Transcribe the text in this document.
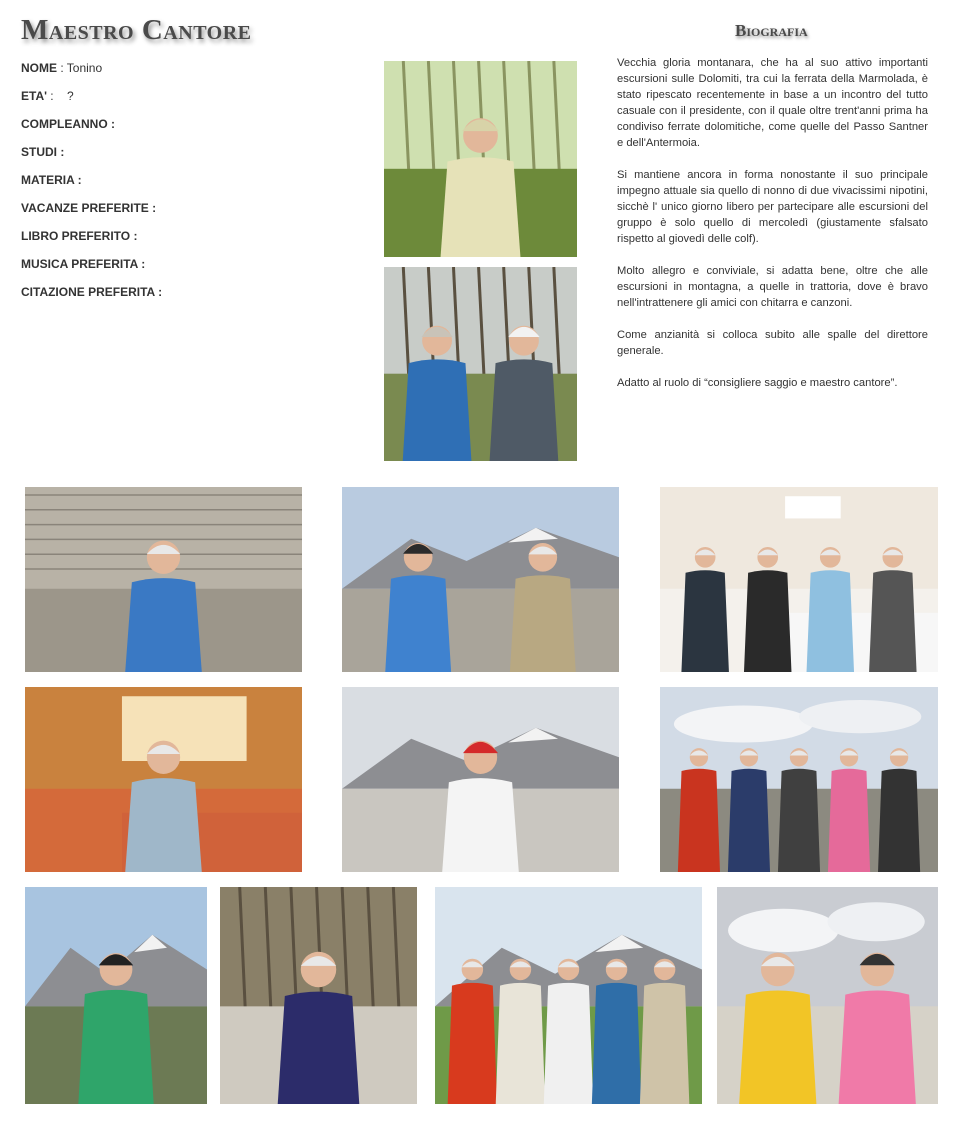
Maestro Cantore	Biografia
NOME : Tonino
ETA' :    ?
COMPLEANNO :
STUDI :
MATERIA :
VACANZE PREFERITE :
LIBRO PREFERITO :
MUSICA PREFERITA :
CITAZIONE PREFERITA :

Vecchia gloria montanara, che ha al suo attivo importanti escursioni sulle Dolomiti, tra cui la ferrata della Marmolada, è stato ripescato recentemente in base a un incontro del tutto casuale con il presidente, con il quale oltre trent'anni prima ha condiviso ferrate dolomitiche, come quelle del Passo Santner e dell'Antermoia.

Si mantiene ancora in forma nonostante il suo principale impegno attuale sia quello di nonno di due vivacissimi nipotini, sicchè l' unico giorno libero per partecipare alle escursioni del gruppo è solo quello di mercoledì (giustamente sfalsato rispetto al giovedì delle colf).

Molto allegro e conviviale, si adatta bene, oltre che alle escursioni in montagna, a quelle in trattoria, dove è bravo nell'intrattenere gli amici con chitarra e canzoni.

Come anzianità si colloca subito alle spalle del direttore generale.

Adatto al ruolo di “consigliere saggio e maestro cantore”.
